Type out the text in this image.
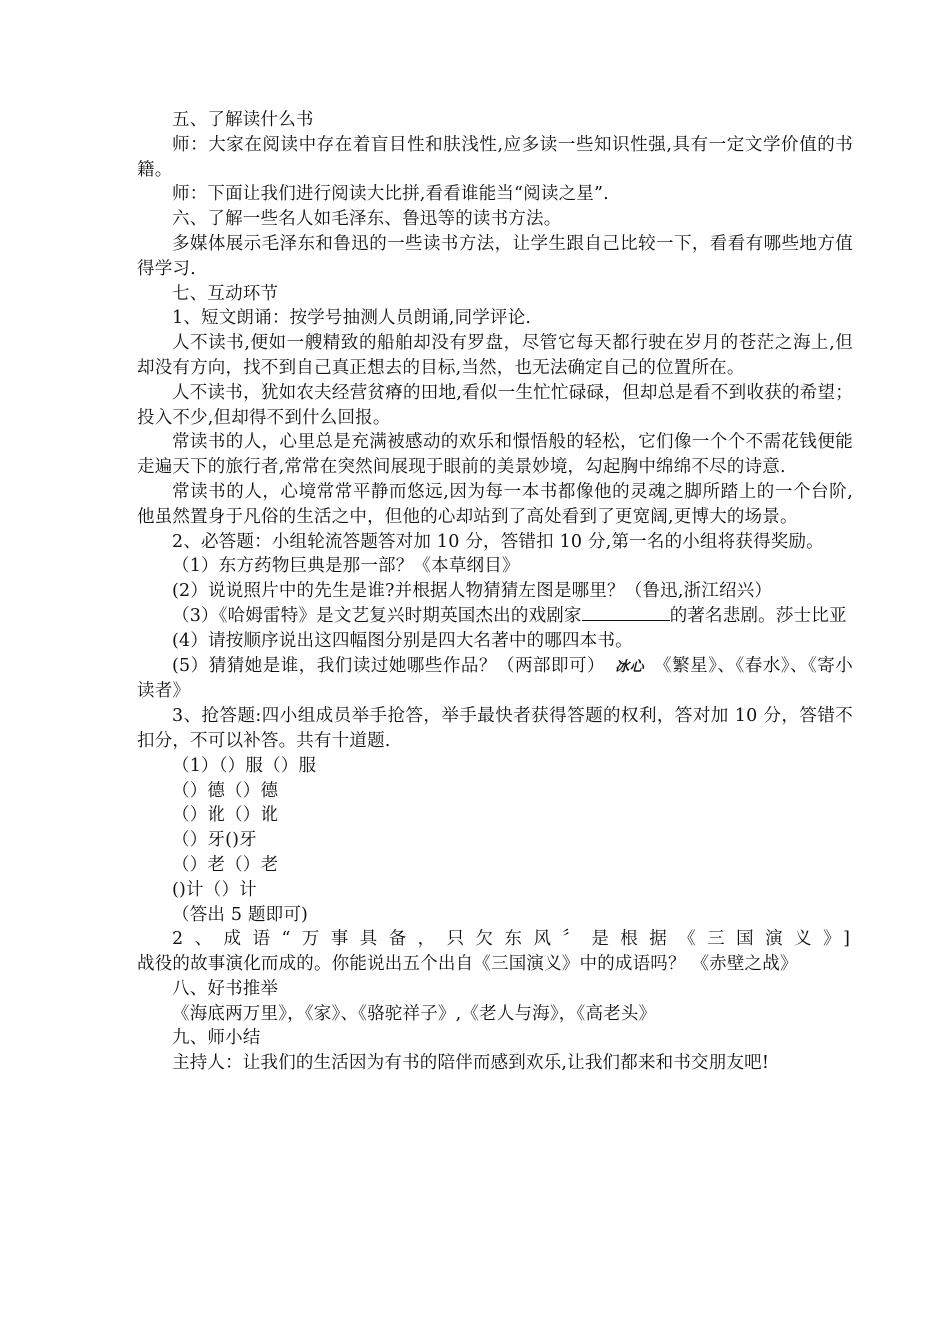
五、了解读什么书

师：大家在阅读中存在着盲目性和肤浅性,应多读一些知识性强,具有一定文学价值的书籍。

师：下面让我们进行阅读大比拼,看看谁能当“阅读之星”.

六、了解一些名人如毛泽东、鲁迅等的读书方法。

多媒体展示毛泽东和鲁迅的一些读书方法，让学生跟自己比较一下，看看有哪些地方值得学习.

七、互动环节

1、短文朗诵：按学号抽测人员朗诵,同学评论.

人不读书,便如一艘精致的船舶却没有罗盘，尽管它每天都行驶在岁月的苍茫之海上,但却没有方向，找不到自己真正想去的目标,当然，也无法确定自己的位置所在。

人不读书，犹如农夫经营贫瘠的田地,看似一生忙忙碌碌，但却总是看不到收获的希望；投入不少,但却得不到什么回报。

常读书的人，心里总是充满被感动的欢乐和憬悟般的轻松，它们像一个个不需花钱便能走遍天下的旅行者,常常在突然间展现于眼前的美景妙境，勾起胸中绵绵不尽的诗意.

常读书的人，心境常常平静而悠远,因为每一本书都像他的灵魂之脚所踏上的一个台阶,他虽然置身于凡俗的生活之中，但他的心却站到了高处看到了更宽阔,更博大的场景。

2、必答题：小组轮流答题答对加 10 分，答错扣 10 分,第一名的小组将获得奖励。

（1）东方药物巨典是那一部？《本草纲目》

(2）说说照片中的先生是谁?并根据人物猜猜左图是哪里？（鲁迅,浙江绍兴）

（3）《哈姆雷特》是文艺复兴时期英国杰出的戏剧家	的著名悲剧。莎士比亚

(4）请按顺序说出这四幅图分别是四大名著中的哪四本书。

(5）猜猜她是谁，我们读过她哪些作品？（两部即可） 冰心 《繁星》、《春水》、《寄小读者》

3、抢答题:四小组成员举手抢答，举手最快者获得答题的权利，答对加 10 分，答错不扣分，不可以补答。共有十道题.

（1）（）服（）服

（）德（）德

（）讹（）讹

（）牙()牙

（）老（）老

()计（）计

（答出 5 题即可)

2、成语“万事具备，只欠东风〞是根据《三国演义》]

战役的故事演化而成的。你能说出五个出自《三国演义》中的成语吗？ 《赤壁之战》

八、好书推举

《海底两万里》，《家》、《骆驼祥子》,《老人与海》，《高老头》

九、师小结

主持人：让我们的生活因为有书的陪伴而感到欢乐,让我们都来和书交朋友吧!
